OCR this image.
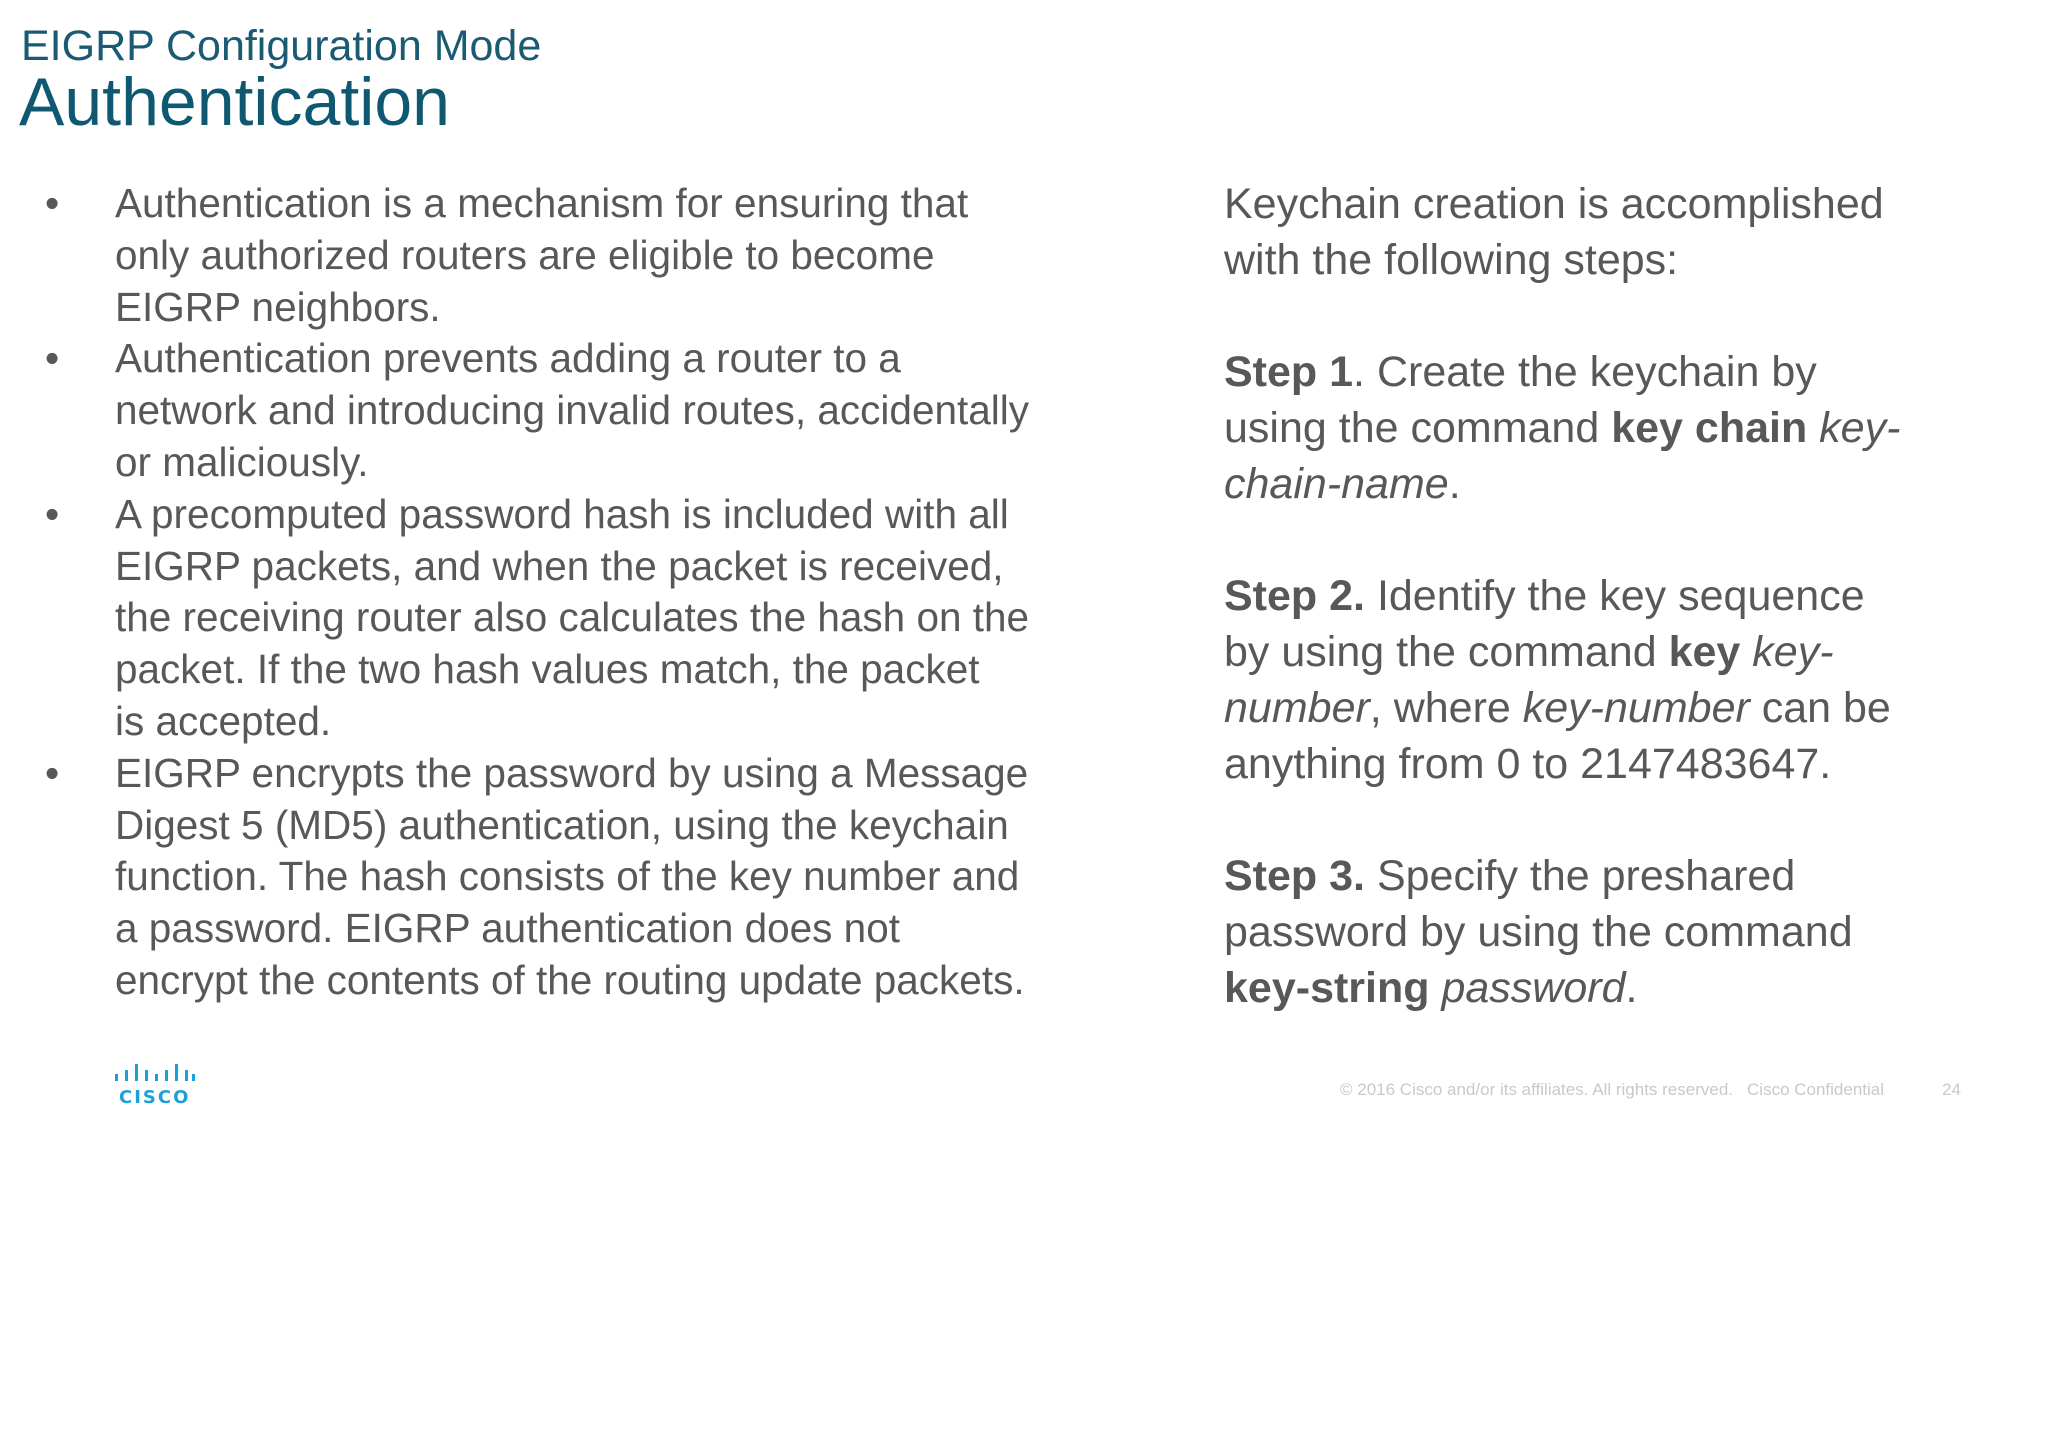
EIGRP Configuration Mode
Authentication
• Authentication is a mechanism for ensuring that
only authorized routers are eligible to become
EIGRP neighbors.
• Authentication prevents adding a router to a
network and introducing invalid routes, accidentally
or maliciously.
• A precomputed password hash is included with all
EIGRP packets, and when the packet is received,
the receiving router also calculates the hash on the
packet. If the two hash values match, the packet
is accepted.
• EIGRP encrypts the password by using a Message
Digest 5 (MD5) authentication, using the keychain
function. The hash consists of the key number and
a password. EIGRP authentication does not
encrypt the contents of the routing update packets.

Keychain creation is accomplished
with the following steps:

Step 1. Create the keychain by
using the command key chain key-
chain-name.

Step 2. Identify the key sequence
by using the command key key-
number, where key-number can be
anything from 0 to 2147483647.

Step 3. Specify the preshared
password by using the command
key-string password.

CISCO	© 2016 Cisco and/or its affiliates. All rights reserved. Cisco Confidential	24
